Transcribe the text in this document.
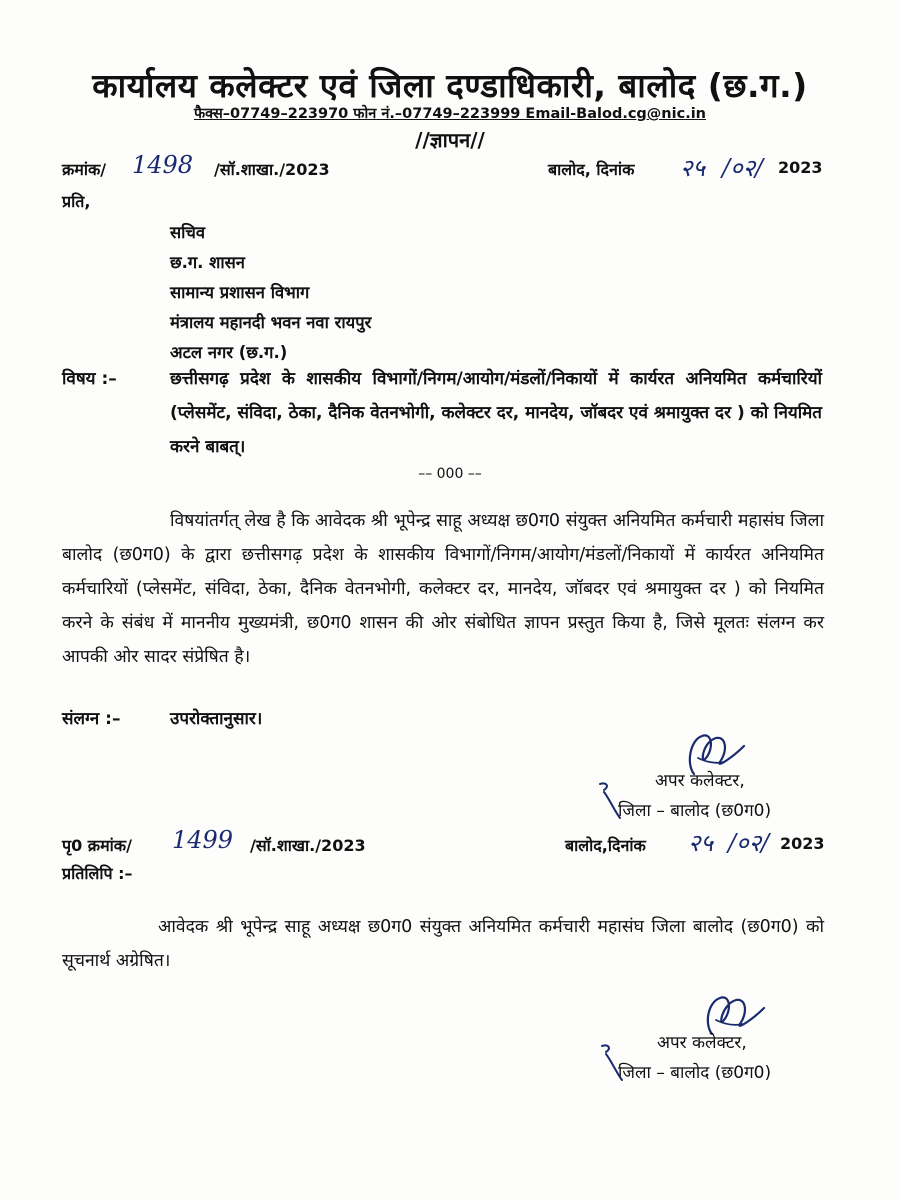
कार्यालय कलेक्टर एवं जिला दण्डाधिकारी, बालोद (छ.ग.)
फैक्स–07749–223970 फोन नं.–07749–223999 Email-Balod.cg@nic.in
//ज्ञापन//
क्रमांक/ 1498 /सॉ.शाखा./2023	बालोद, दिनांक २५ /०२/ 2023
प्रति,
सचिव
छ.ग. शासन
सामान्य प्रशासन विभाग
मंत्रालय महानदी भवन नवा रायपुर
अटल नगर (छ.ग.)
विषय :–	छत्तीसगढ़ प्रदेश के शासकीय विभागों/निगम/आयोग/मंडलों/निकायों में कार्यरत अनियमित कर्मचारियों (प्लेसमेंट, संविदा, ठेका, दैनिक वेतनभोगी, कलेक्टर दर, मानदेय, जॉबदर एवं श्रमायुक्त दर ) को नियमित करने बाबत्।
–– 000 ––
विषयांतर्गत् लेख है कि आवेदक श्री भूपेन्द्र साहू अध्यक्ष छ0ग0 संयुक्त अनियमित कर्मचारी महासंघ जिला बालोद (छ0ग0) के द्वारा छत्तीसगढ़ प्रदेश के शासकीय विभागों/निगम/आयोग/मंडलों/निकायों में कार्यरत अनियमित कर्मचारियों (प्लेसमेंट, संविदा, ठेका, दैनिक वेतनभोगी, कलेक्टर दर, मानदेय, जॉबदर एवं श्रमायुक्त दर ) को नियमित करने के संबंध में माननीय मुख्यमंत्री, छ0ग0 शासन की ओर संबोधित ज्ञापन प्रस्तुत किया है, जिसे मूलतः संलग्न कर आपकी ओर सादर संप्रेषित है।
संलग्न :–	उपरोक्तानुसार।
अपर कलेक्टर,
जिला – बालोद (छ0ग0)
पृ0 क्रमांक/ 1499 /सॉ.शाखा./2023	बालोद,दिनांक २५ /०२/ 2023
प्रतिलिपि :–
आवेदक श्री भूपेन्द्र साहू अध्यक्ष छ0ग0 संयुक्त अनियमित कर्मचारी महासंघ जिला बालोद (छ0ग0) को सूचनार्थ अग्रेषित।
अपर कलेक्टर,
जिला – बालोद (छ0ग0)
